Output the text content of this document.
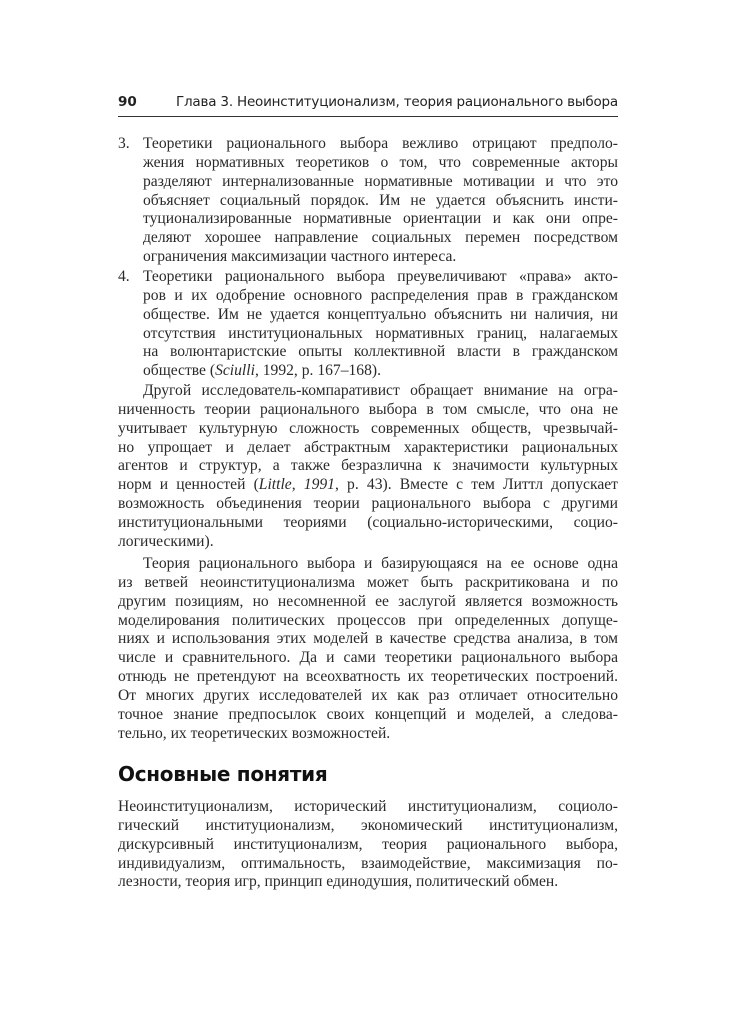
90	Глава 3. Неоинституционализм, теория рационального выбора
3. Теоретики рационального выбора вежливо отрицают предполо-
жения нормативных теоретиков о том, что современные акторы
разделяют интернализованные нормативные мотивации и что это
объясняет социальный порядок. Им не удается объяснить инсти-
туционализированные нормативные ориентации и как они опре-
деляют хорошее направление социальных перемен посредством
ограничения максимизации частного интереса.
4. Теоретики рационального выбора преувеличивают «права» акто-
ров и их одобрение основного распределения прав в гражданском
обществе. Им не удается концептуально объяснить ни наличия, ни
отсутствия институциональных нормативных границ, налагаемых
на волюнтаристские опыты коллективной власти в гражданском
обществе (Sciulli, 1992, p. 167–168).
Другой исследователь-компаративист обращает внимание на огра-
ниченность теории рационального выбора в том смысле, что она не
учитывает культурную сложность современных обществ, чрезвычай-
но упрощает и делает абстрактным характеристики рациональных
агентов и структур, а также безразлична к значимости культурных
норм и ценностей (Little, 1991, p. 43). Вместе с тем Литтл допускает
возможность объединения теории рационального выбора с другими
институциональными теориями (социально-историческими, социо-
логическими).
Теория рационального выбора и базирующаяся на ее основе одна
из ветвей неоинституционализма может быть раскритикована и по
другим позициям, но несомненной ее заслугой является возможность
моделирования политических процессов при определенных допуще-
ниях и использования этих моделей в качестве средства анализа, в том
числе и сравнительного. Да и сами теоретики рационального выбора
отнюдь не претендуют на всеохватность их теоретических построений.
От многих других исследователей их как раз отличает относительно
точное знание предпосылок своих концепций и моделей, а следова-
тельно, их теоретических возможностей.
Основные понятия
Неоинституционализм, исторический институционализм, социоло-
гический институционализм, экономический институционализм,
дискурсивный институционализм, теория рационального выбора,
индивидуализм, оптимальность, взаимодействие, максимизация по-
лезности, теория игр, принцип единодушия, политический обмен.
